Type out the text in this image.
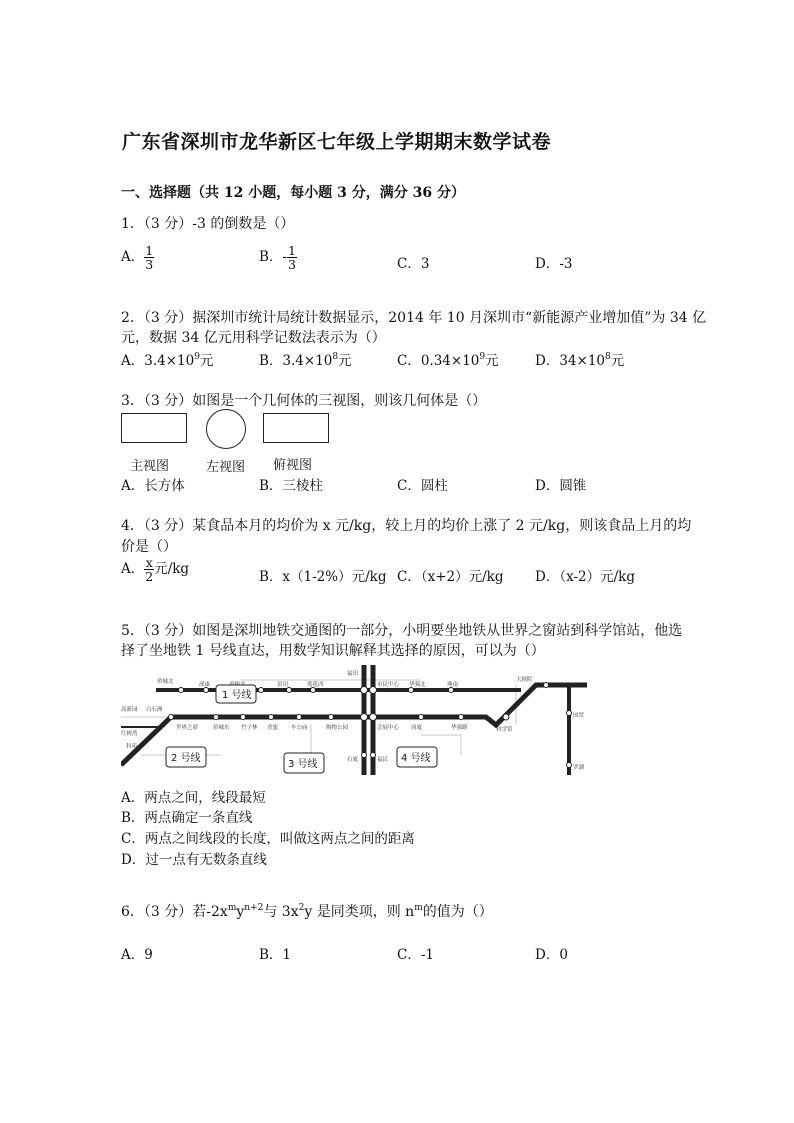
广东省深圳市龙华新区七年级上学期期末数学试卷
一、选择题（共 12 小题，每小题 3 分，满分 36 分）
1．（3 分）-3 的倒数是（）
A． $\frac{1}{3}$	B．- $\frac{1}{3}$	C．3	D．-3
2．（3 分）据深圳市统计局统计数据显示，2014 年 10 月深圳市“新能源产业增加值”为 34 亿
元，数据 34 亿元用科学记数法表示为（）
A．$3.4\times 10^9$元	B．$3.4\times 10^8$元	C．$0.34\times 10^9$元	D．$34\times 10^8$元
3．（3 分）如图是一个几何体的三视图，则该几何体是（）
主视图	左视图 俯视图
A．长方体	B．三棱柱	C．圆柱	D．圆锥
4．（3 分）某食品本月的均价为 x 元/kg，较上月的均价上涨了 2 元/kg，则该食品上月的均
价是（）
A． $\frac{x}{2}$ 元/kg	B．x（1-2%）元/kg C．（x+2）元/kg D．（x-2）元/kg
5．（3 分）如图是深圳地铁交通图的一部分，小明要坐地铁从世界之窗站到科学馆站，他选
择了坐地铁 1 号线直达，用数学知识解释其选择的原因，可以为（）
侨城北	深康	景田	莲花西
福田
市民中心 华强北	燕南
大剧院
高新园 白石洲
红树湾
科苑
世界之窗	侨城东 竹子林 香蜜 车公庙	购物公园	会展中心 岗厦	华强路	科学馆
石厦	福民
国贸
罗湖
1 号线
2 号线
3 号线
4 号线
A．两点之间，线段最短
B．两点确定一条直线
C．两点之间线段的长度，叫做这两点之间的距离
D．过一点有无数条直线
6．（3 分）若$-2x^my^{n+2}$与 $3x^2y$ 是同类项，则 $n^m$的值为（）
A．9	B．1	C．-1	D．0
